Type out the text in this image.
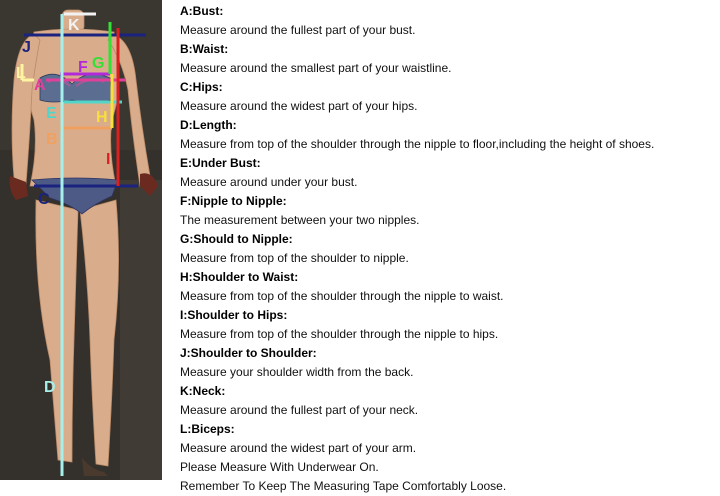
K
J
L
A
F G
E H
B
I
C
D
A:Bust:
Measure around the fullest part of your bust.
B:Waist:
Measure around the smallest part of your waistline.
C:Hips:
Measure around the widest part of your hips.
D:Length:
Measure from top of the shoulder through the nipple to floor,including the height of shoes.
E:Under Bust:
Measure around under your bust.
F:Nipple to Nipple:
The measurement between your two nipples.
G:Should to Nipple:
Measure from top of the shoulder to nipple.
H:Shoulder to Waist:
Measure from top of the shoulder through the nipple to waist.
I:Shoulder to Hips:
Measure from top of the shoulder through the nipple to hips.
J:Shoulder to Shoulder:
Measure your shoulder width from the back.
K:Neck:
Measure around the fullest part of your neck.
L:Biceps:
Measure around the widest part of your arm.
Please Measure With Underwear On.
Remember To Keep The Measuring Tape Comfortably Loose.
